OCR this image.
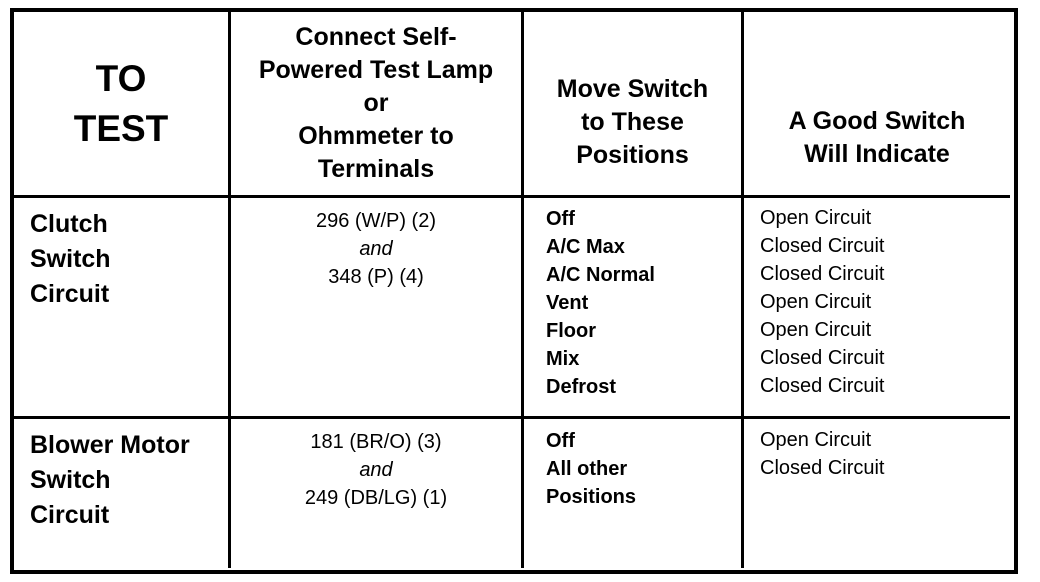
TO
TEST
Connect Self-
Powered Test Lamp
or
Ohmmeter to
Terminals
Move Switch
to These
Positions
A Good Switch
Will Indicate
Clutch
Switch
Circuit
296 (W/P) (2)
and
348 (P) (4)
Off
A/C Max
A/C Normal
Vent
Floor
Mix
Defrost
Open Circuit
Closed Circuit
Closed Circuit
Open Circuit
Open Circuit
Closed Circuit
Closed Circuit
Blower Motor
Switch
Circuit
181 (BR/O) (3)
and
249 (DB/LG) (1)
Off
All other
Positions
Open Circuit
Closed Circuit
